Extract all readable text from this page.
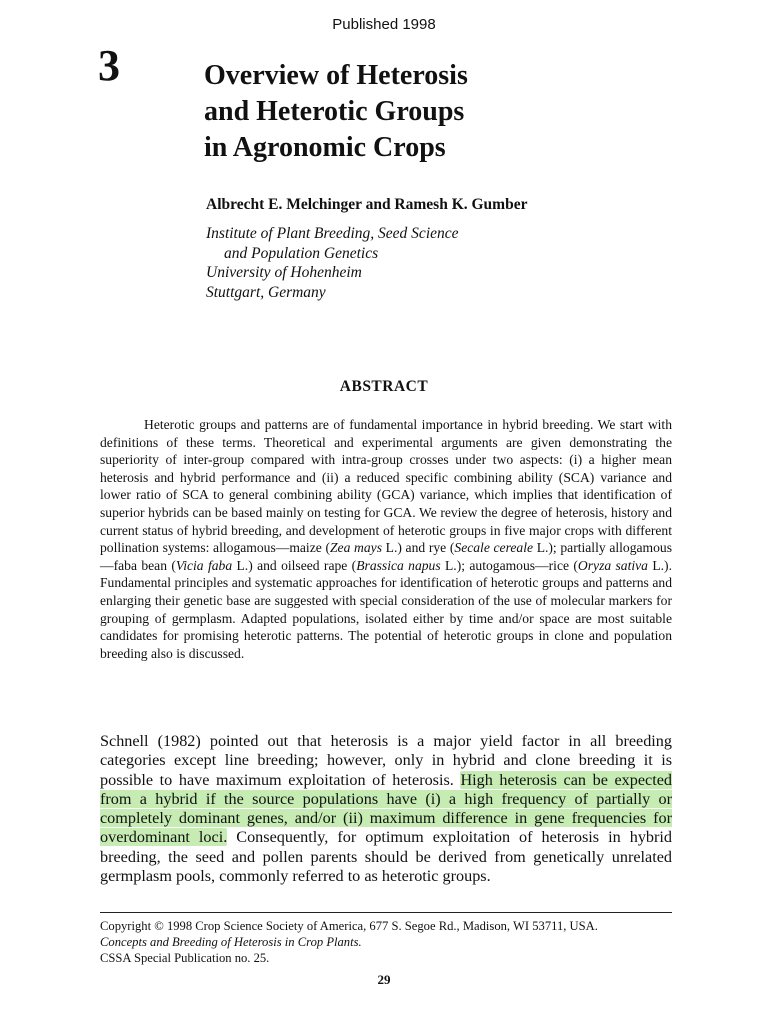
Published 1998
3	Overview of Heterosis
and Heterotic Groups
in Agronomic Crops
Albrecht E. Melchinger and Ramesh K. Gumber
Institute of Plant Breeding, Seed Science
and Population Genetics
University of Hohenheim
Stuttgart, Germany
ABSTRACT

Heterotic groups and patterns are of fundamental importance in hybrid breeding. We start with definitions of these terms. Theoretical and experimental arguments are given demonstrating the superiority of inter-group compared with intra-group crosses under two aspects: (i) a higher mean heterosis and hybrid performance and (ii) a reduced specific combining ability (SCA) variance and lower ratio of SCA to general combining ability (GCA) variance, which implies that identification of superior hybrids can be based mainly on testing for GCA. We review the degree of heterosis, history and current status of hybrid breeding, and development of heterotic groups in five major crops with different pollination systems: allogamous—maize (Zea mays L.) and rye (Secale cereale L.); partially allogamous—faba bean (Vicia faba L.) and oilseed rape (Brassica napus L.); autogamous—rice (Oryza sativa L.). Fundamental principles and systematic approaches for identification of heterotic groups and patterns and enlarging their genetic base are suggested with special consideration of the use of molecular markers for grouping of germplasm. Adapted populations, isolated either by time and/or space are most suitable candidates for promising heterotic patterns. The potential of heterotic groups in clone and population breeding also is discussed.

Schnell (1982) pointed out that heterosis is a major yield factor in all breeding categories except line breeding; however, only in hybrid and clone breeding it is possible to have maximum exploitation of heterosis. High heterosis can be expected from a hybrid if the source populations have (i) a high frequency of partially or completely dominant genes, and/or (ii) maximum difference in gene frequencies for overdominant loci. Consequently, for optimum exploitation of heterosis in hybrid breeding, the seed and pollen parents should be derived from genetically unrelated germplasm pools, commonly referred to as heterotic groups.

Copyright © 1998 Crop Science Society of America, 677 S. Segoe Rd., Madison, WI 53711, USA.
Concepts and Breeding of Heterosis in Crop Plants.
CSSA Special Publication no. 25.
29
